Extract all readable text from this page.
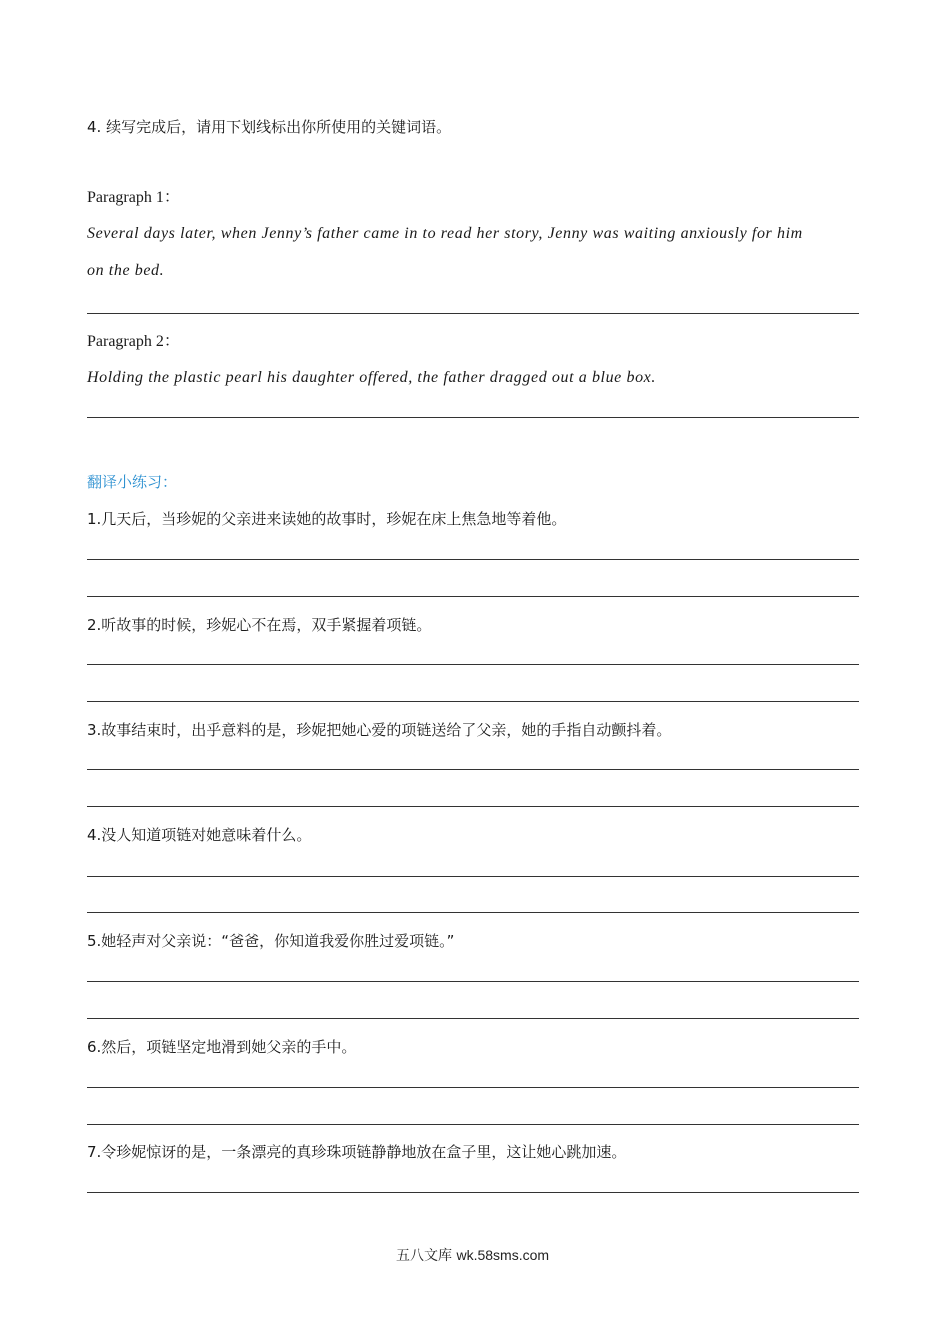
4. 续写完成后，请用下划线标出你所使用的关键词语。
Paragraph 1：
Several days later, when Jenny’s father came in to read her story, Jenny was waiting anxiously for him
on the bed.
Paragraph 2：
Holding the plastic pearl his daughter offered, the father dragged out a blue box.
翻译小练习：
1.几天后，当珍妮的父亲进来读她的故事时，珍妮在床上焦急地等着他。
2.听故事的时候，珍妮心不在焉，双手紧握着项链。
3.故事结束时，出乎意料的是，珍妮把她心爱的项链送给了父亲，她的手指自动颤抖着。
4.没人知道项链对她意味着什么。
5.她轻声对父亲说：“爸爸，你知道我爱你胜过爱项链。”
6.然后，项链坚定地滑到她父亲的手中。
7.令珍妮惊讶的是，一条漂亮的真珍珠项链静静地放在盒子里，这让她心跳加速。
五八文库 wk.58sms.com
